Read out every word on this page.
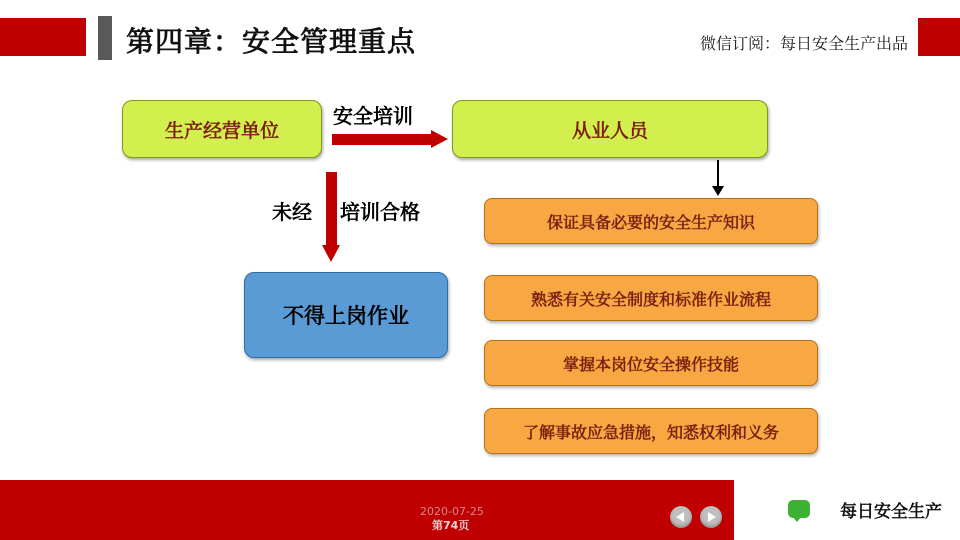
第四章：安全管理重点	微信订阅：每日安全生产出品
生产经营单位	从业人员
安全培训
未经 培训合格
不得上岗作业
保证具备必要的安全生产知识
熟悉有关安全制度和标准作业流程
掌握本岗位安全操作技能
了解事故应急措施，知悉权利和义务
每日安全生产
2020-07-25
第74页
